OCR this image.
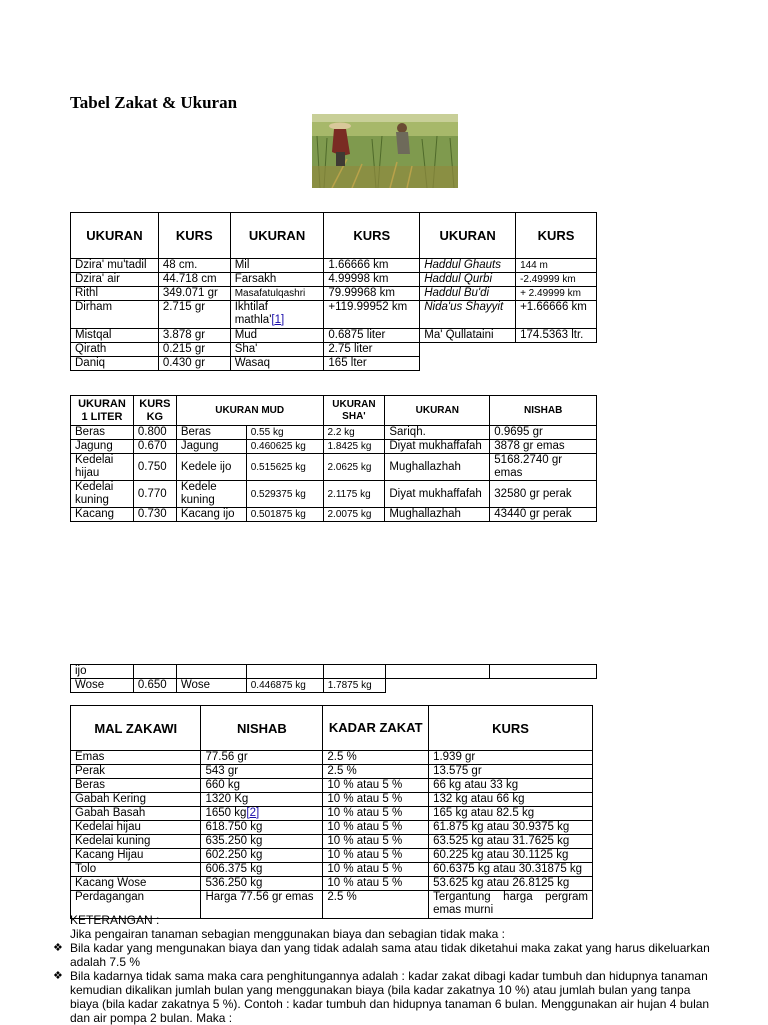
Tabel Zakat & Ukuran
UKURAN	KURS	UKURAN	KURS	UKURAN	KURS
Dzira' mu'tadil	48 cm.	Mil	1.66666 km	Haddul Ghauts	144 m
Dzira' air	44.718 cm	Farsakh	4.99998 km	Haddul Qurbi	-2.49999 km
Rithl	349.071 gr	Masafatulqashri	79.99968 km	Haddul Bu'di	+ 2.49999 km
Dirham	2.715 gr	Ikhtilaf mathla'[1]	+119.99952 km	Nida'us Shayyit	+1.66666 km
Mistqal	3.878 gr	Mud	0.6875 liter	Ma' Qullataini	174.5363 ltr.
Qirath	0.215 gr	Sha'	2.75 liter		
Daniq	0.430 gr	Wasaq	165 lter		
UKURAN 1 LITER	KURS KG	UKURAN MUD		UKURAN SHA'	UKURAN	NISHAB
Beras	0.800	Beras	0.55 kg	2.2 kg	Sariqh.	0.9695 gr
Jagung	0.670	Jagung	0.460625 kg	1.8425 kg	Diyat mukhaffafah	3878 gr emas
Kedelai hijau	0.750	Kedele ijo	0.515625 kg	2.0625 kg	Mughallazhah	5168.2740 gr emas
Kedelai kuning	0.770	Kedele kuning	0.529375 kg	2.1175 kg	Diyat mukhaffafah	32580 gr perak
Kacang	0.730	Kacang ijo	0.501875 kg	2.0075 kg	Mughallazhah	43440 gr perak
ijo						
Wose	0.650	Wose	0.446875 kg	1.7875 kg		
MAL ZAKAWI	NISHAB	KADAR ZAKAT	KURS
Emas	77.56 gr	2.5 %	1.939 gr
Perak	543 gr	2.5 %	13.575 gr
Beras	660 kg	10 % atau 5 %	66 kg atau 33 kg
Gabah Kering	1320 Kg	10 % atau 5 %	132 kg atau 66 kg
Gabah Basah	1650 kg[2]	10 % atau 5 %	165 kg atau 82.5 kg
Kedelai hijau	618.750 kg	10 % atau 5 %	61.875 kg atau 30.9375 kg
Kedelai kuning	635.250 kg	10 % atau 5 %	63.525 kg atau 31.7625 kg
Kacang Hijau	602.250 kg	10 % atau 5 %	60.225 kg atau 30.1125 kg
Tolo	606.375 kg	10 % atau 5 %	60.6375 kg atau 30.31875 kg
Kacang Wose	536.250 kg	10 % atau 5 %	53.625 kg atau 26.8125 kg
Perdagangan	Harga 77.56 gr emas	2.5 %	Tergantung harga pergram emas murni

KETERANGAN :

Jika pengairan tanaman sebagian menggunakan biaya dan sebagian tidak maka :

❖ Bila kadar yang mengunakan biaya dan yang tidak adalah sama atau tidak diketahui maka zakat yang harus dikeluarkan adalah 7.5 %
❖ Bila kadarnya tidak sama maka cara penghitungannya adalah : kadar zakat dibagi kadar tumbuh dan hidupnya tanaman kemudian dikalikan jumlah bulan yang menggunakan biaya (bila kadar zakatnya 10 %) atau jumlah bulan yang tanpa biaya (bila kadar zakatnya 5 %). Contoh : kadar tumbuh dan hidupnya tanaman 6 bulan. Menggunakan air hujan 4 bulan dan air pompa 2 bulan. Maka :
